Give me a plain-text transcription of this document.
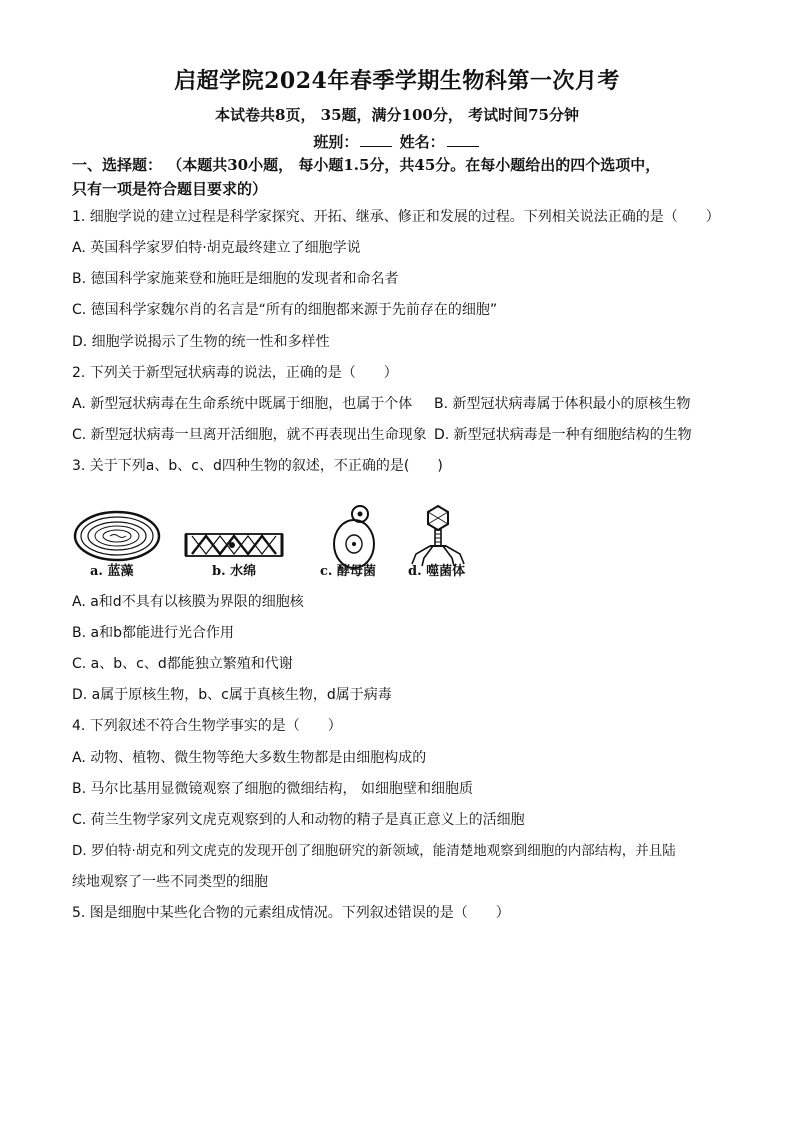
启超学院2024年春季学期生物科第一次月考
本试卷共8页， 35题，满分100分， 考试时间75分钟
班别：	姓名：
一、选择题： （本题共30小题， 每小题1.5分，共45分。在每小题给出的四个选项中，
只有一项是符合题目要求的）
1. 细胞学说的建立过程是科学家探究、开拓、继承、修正和发展的过程。下列相关说法正确的是（　　）
A. 英国科学家罗伯特·胡克最终建立了细胞学说
B. 德国科学家施莱登和施旺是细胞的发现者和命名者
C. 德国科学家魏尔肖的名言是“所有的细胞都来源于先前存在的细胞”
D. 细胞学说揭示了生物的统一性和多样性
2. 下列关于新型冠状病毒的说法，正确的是（　　）
A. 新型冠状病毒在生命系统中既属于细胞，也属于个体 B. 新型冠状病毒属于体积最小的原核生物
C. 新型冠状病毒一旦离开活细胞，就不再表现出生命现象 D. 新型冠状病毒是一种有细胞结构的生物
3. 关于下列a、b、c、d四种生物的叙述，不正确的是(　　)
a. 蓝藻	b. 水绵	c. 酵母菌 d. 噬菌体
A. a和d不具有以核膜为界限的细胞核
B. a和b都能进行光合作用
C. a、b、c、d都能独立繁殖和代谢
D. a属于原核生物，b、c属于真核生物，d属于病毒
4. 下列叙述不符合生物学事实的是（　　）
A. 动物、植物、微生物等绝大多数生物都是由细胞构成的
B. 马尔比基用显微镜观察了细胞的微细结构， 如细胞壁和细胞质
C. 荷兰生物学家列文虎克观察到的人和动物的精子是真正意义上的活细胞
D. 罗伯特·胡克和列文虎克的发现开创了细胞研究的新领域，能清楚地观察到细胞的内部结构，并且陆
续地观察了一些不同类型的细胞
5. 图是细胞中某些化合物的元素组成情况。下列叙述错误的是（　　）
